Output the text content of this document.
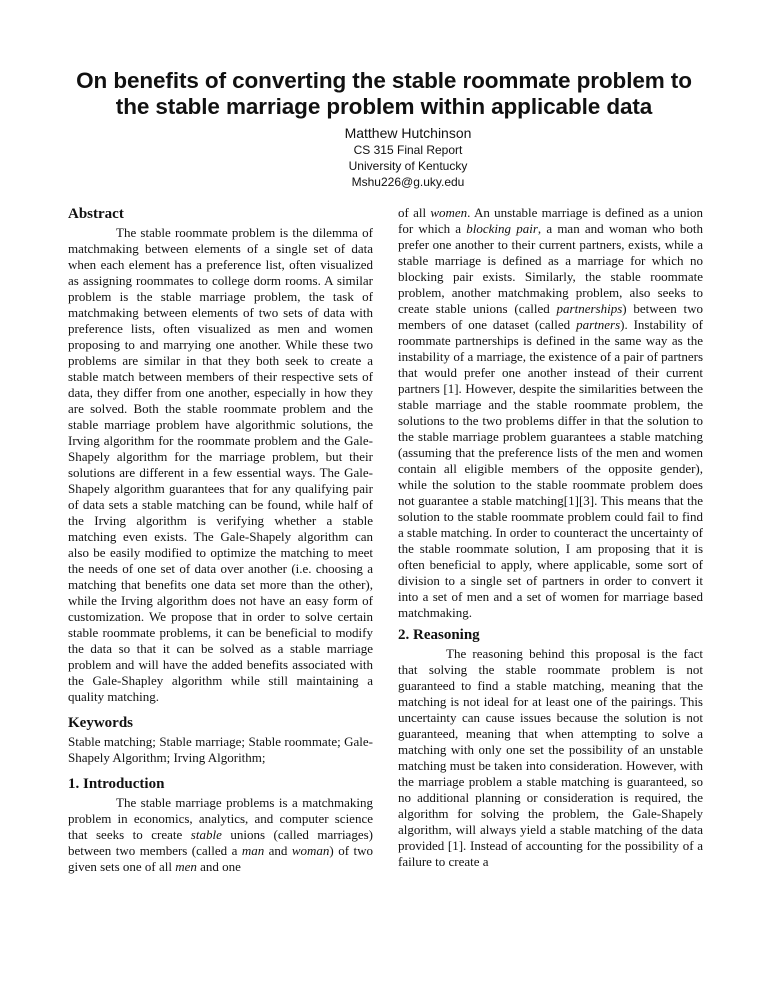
On benefits of converting the stable roommate problem to
the stable marriage problem within applicable data
Matthew Hutchinson
CS 315 Final Report
University of Kentucky
Mshu226@g.uky.edu
Abstract

The stable roommate problem is the dilemma of matchmaking between elements of a single set of data when each element has a preference list, often visualized as assigning roommates to college dorm rooms. A similar problem is the stable marriage problem, the task of matchmaking between elements of two sets of data with preference lists, often visualized as men and women proposing to and marrying one another. While these two problems are similar in that they both seek to create a stable match between members of their respective sets of data, they differ from one another, especially in how they are solved. Both the stable roommate problem and the stable marriage problem have algorithmic solutions, the Irving algorithm for the roommate problem and the Gale-Shapely algorithm for the marriage problem, but their solutions are different in a few essential ways. The Gale-Shapely algorithm guarantees that for any qualifying pair of data sets a stable matching can be found, while half of the Irving algorithm is verifying whether a stable matching even exists. The Gale-Shapely algorithm can also be easily modified to optimize the matching to meet the needs of one set of data over another (i.e. choosing a matching that benefits one data set more than the other), while the Irving algorithm does not have an easy form of customization. We propose that in order to solve certain stable roommate problems, it can be beneficial to modify the data so that it can be solved as a stable marriage problem and will have the added benefits associated with the Gale-Shapley algorithm while still maintaining a quality matching.

Keywords

Stable matching; Stable marriage; Stable roommate; Gale-Shapely Algorithm; Irving Algorithm;

1. Introduction

The stable marriage problems is a matchmaking problem in economics, analytics, and computer science that seeks to create stable unions (called marriages) between two members (called a man and woman) of two given sets one of all men and one

of all women. An unstable marriage is defined as a union for which a blocking pair, a man and woman who both prefer one another to their current partners, exists, while a stable marriage is defined as a marriage for which no blocking pair exists. Similarly, the stable roommate problem, another matchmaking problem, also seeks to create stable unions (called partnerships) between two members of one dataset (called partners). Instability of roommate partnerships is defined in the same way as the instability of a marriage, the existence of a pair of partners that would prefer one another instead of their current partners [1]. However, despite the similarities between the stable marriage and the stable roommate problem, the solutions to the two problems differ in that the solution to the stable marriage problem guarantees a stable matching (assuming that the preference lists of the men and women contain all eligible members of the opposite gender), while the solution to the stable roommate problem does not guarantee a stable matching[1][3]. This means that the solution to the stable roommate problem could fail to find a stable matching. In order to counteract the uncertainty of the stable roommate solution, I am proposing that it is often beneficial to apply, where applicable, some sort of division to a single set of partners in order to convert it into a set of men and a set of women for marriage based matchmaking.

2. Reasoning

The reasoning behind this proposal is the fact that solving the stable roommate problem is not guaranteed to find a stable matching, meaning that the matching is not ideal for at least one of the pairings. This uncertainty can cause issues because the solution is not guaranteed, meaning that when attempting to solve a matching with only one set the possibility of an unstable matching must be taken into consideration. However, with the marriage problem a stable matching is guaranteed, so no additional planning or consideration is required, the algorithm for solving the problem, the Gale-Shapely algorithm, will always yield a stable matching of the data provided [1]. Instead of accounting for the possibility of a failure to create a
